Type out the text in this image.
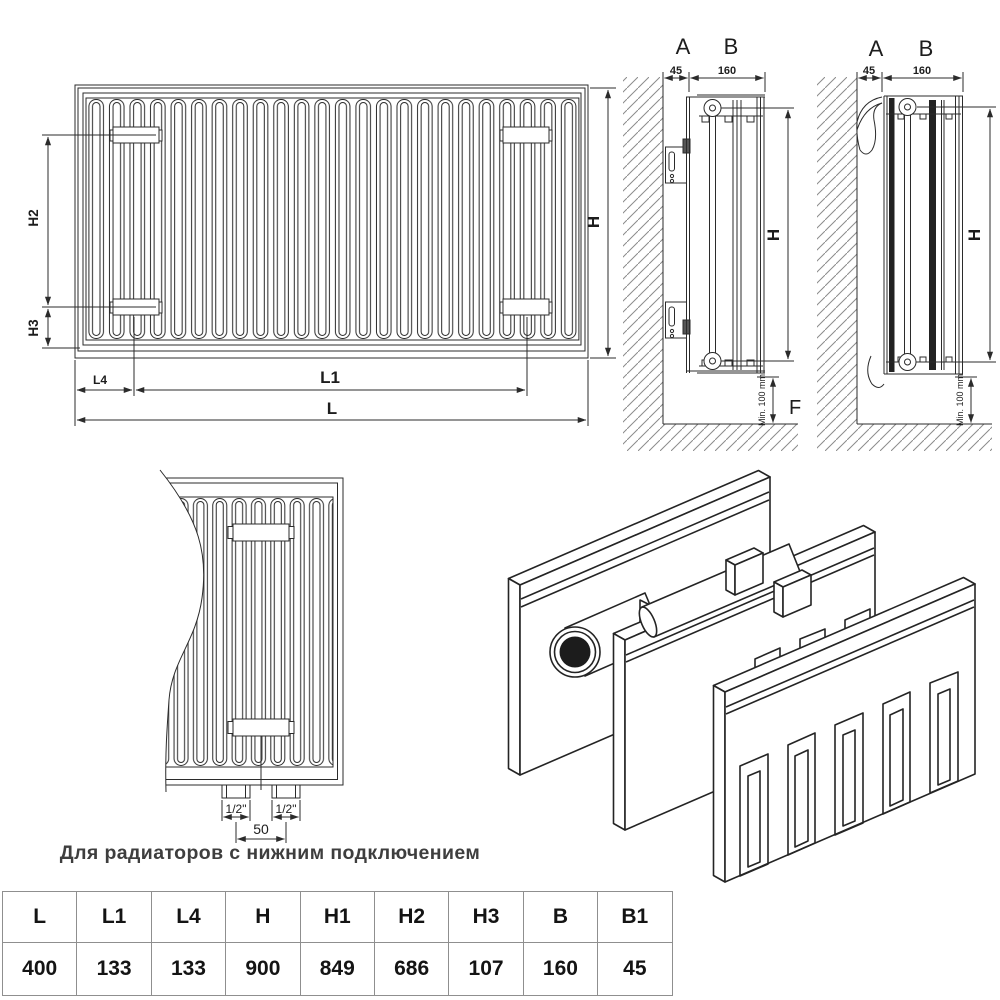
H2
H3
L4	L1
L
H
A B
45	160
H
Min. 100 mm F
A B
45	160
H
Min. 100 mm
1/2" 1/2"
50
Для радиаторов с нижним подключением
L	L1	L4	H	H1	H2	H3	B	B1
400	133	133	900	849	686	107	160	45
